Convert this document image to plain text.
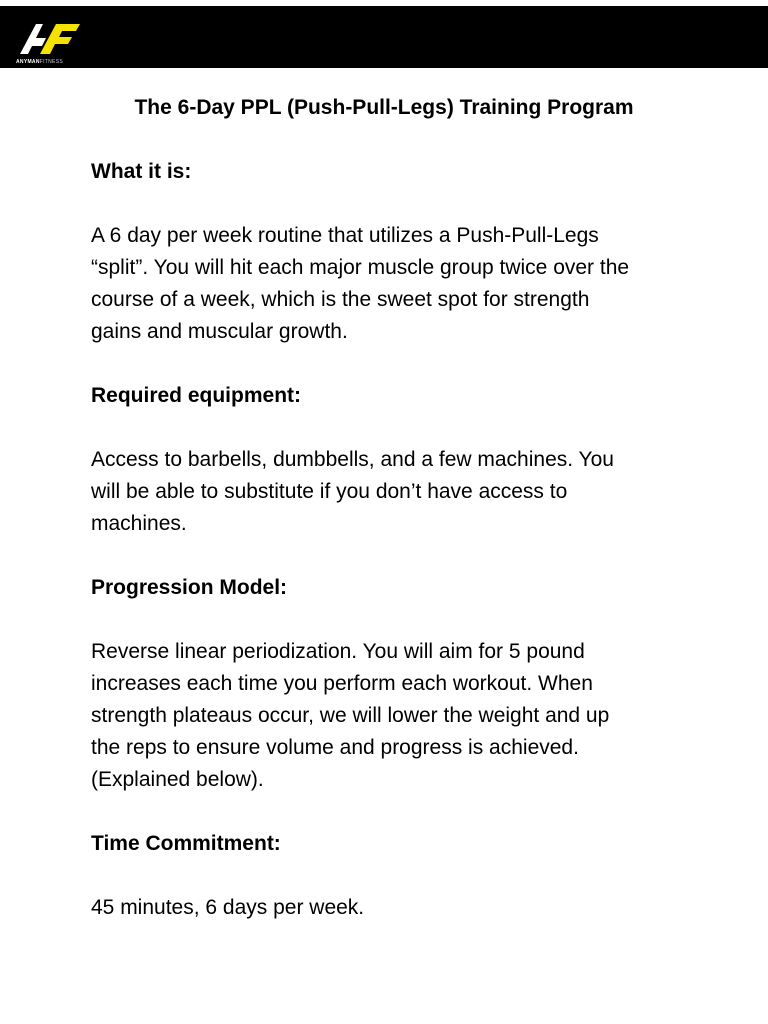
ANYMANFITNESS

The 6-Day PPL (Push-Pull-Legs) Training Program

What it is:

A 6 day per week routine that utilizes a Push-Pull-Legs

“split”. You will hit each major muscle group twice over the

course of a week, which is the sweet spot for strength

gains and muscular growth.

Required equipment:

Access to barbells, dumbbells, and a few machines. You

will be able to substitute if you don’t have access to

machines.

Progression Model:

Reverse linear periodization. You will aim for 5 pound

increases each time you perform each workout. When

strength plateaus occur, we will lower the weight and up

the reps to ensure volume and progress is achieved.

(Explained below).

Time Commitment:

45 minutes, 6 days per week.
